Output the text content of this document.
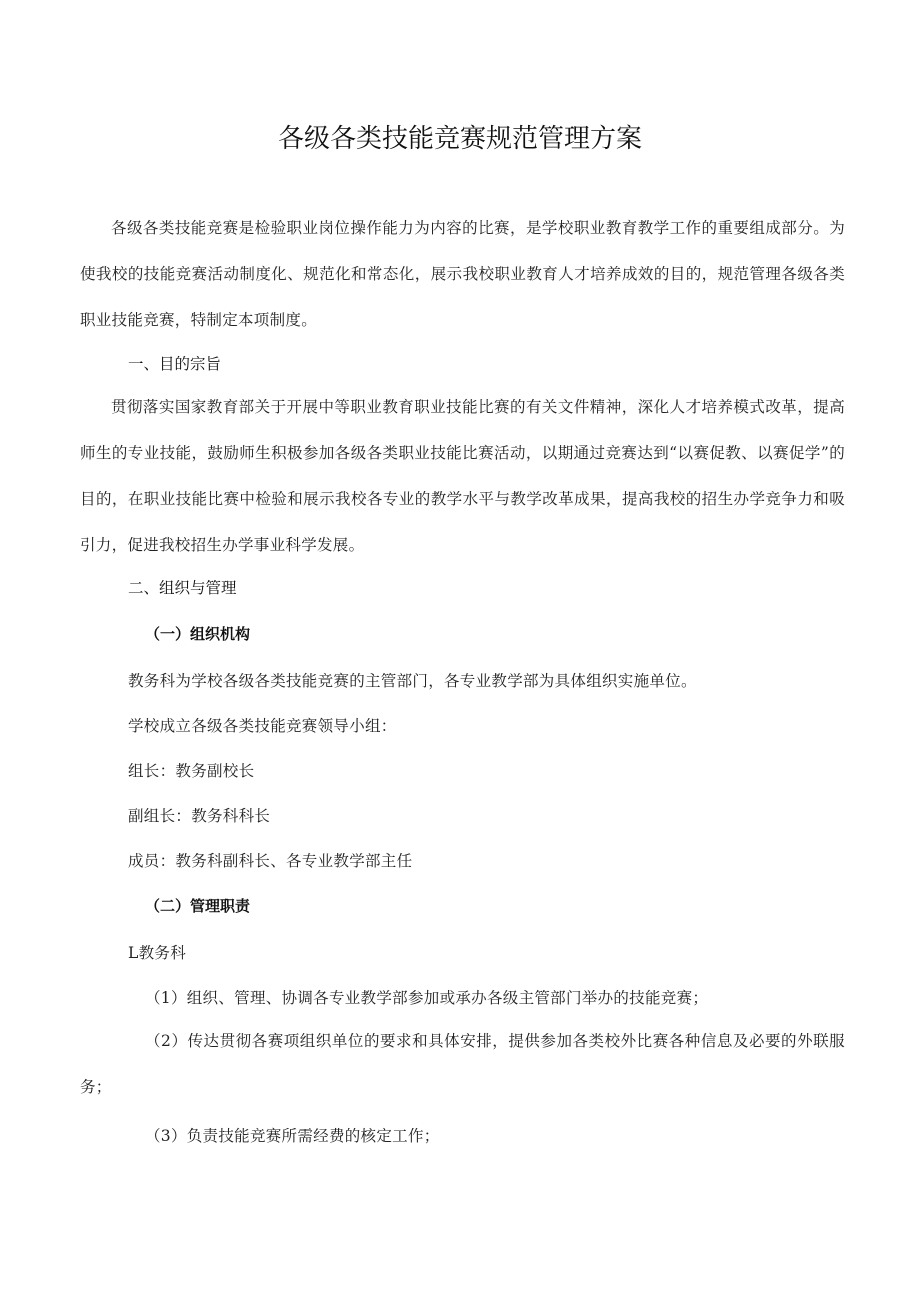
各级各类技能竞赛规范管理方案

各级各类技能竞赛是检验职业岗位操作能力为内容的比赛，是学校职业教育教学工作的重要组成部分。为使我校的技能竞赛活动制度化、规范化和常态化，展示我校职业教育人才培养成效的目的，规范管理各级各类职业技能竞赛，特制定本项制度。

一、目的宗旨

贯彻落实国家教育部关于开展中等职业教育职业技能比赛的有关文件精神，深化人才培养模式改革，提高师生的专业技能，鼓励师生积极参加各级各类职业技能比赛活动，以期通过竞赛达到“以赛促教、以赛促学”的目的，在职业技能比赛中检验和展示我校各专业的教学水平与教学改革成果，提高我校的招生办学竞争力和吸引力，促进我校招生办学事业科学发展。

二、组织与管理
（一）组织机构
教务科为学校各级各类技能竞赛的主管部门，各专业教学部为具体组织实施单位。
学校成立各级各类技能竞赛领导小组：
组长：教务副校长
副组长：教务科科长
成员：教务科副科长、各专业教学部主任
（二）管理职责
L教务科
（1）组织、管理、协调各专业教学部参加或承办各级主管部门举办的技能竞赛；

（2）传达贯彻各赛项组织单位的要求和具体安排，提供参加各类校外比赛各种信息及必要的外联服务；

（3）负责技能竞赛所需经费的核定工作；
